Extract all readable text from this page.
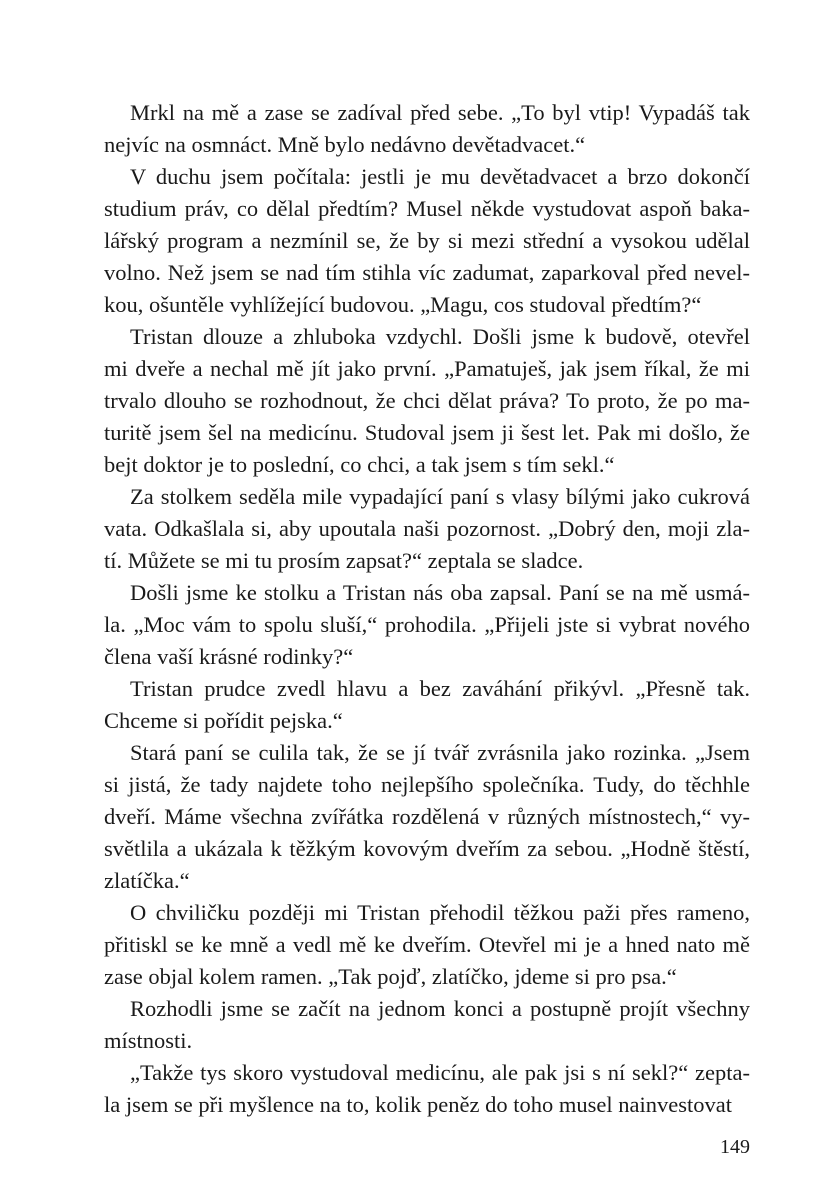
Mrkl na mě a zase se zadíval před sebe. „To byl vtip! Vypadáš tak
nejvíc na osmnáct. Mně bylo nedávno devětadvacet.“
V duchu jsem počítala: jestli je mu devětadvacet a brzo dokončí
studium práv, co dělal předtím? Musel někde vystudovat aspoň baka-
lářský program a nezmínil se, že by si mezi střední a vysokou udělal
volno. Než jsem se nad tím stihla víc zadumat, zaparkoval před nevel-
kou, ošuntěle vyhlížející budovou. „Magu, cos studoval předtím?“
Tristan dlouze a zhluboka vzdychl. Došli jsme k budově, otevřel
mi dveře a nechal mě jít jako první. „Pamatuješ, jak jsem říkal, že mi
trvalo dlouho se rozhodnout, že chci dělat práva? To proto, že po ma-
turitě jsem šel na medicínu. Studoval jsem ji šest let. Pak mi došlo, že
bejt doktor je to poslední, co chci, a tak jsem s tím sekl.“
Za stolkem seděla mile vypadající paní s vlasy bílými jako cukrová
vata. Odkašlala si, aby upoutala naši pozornost. „Dobrý den, moji zla-
tí. Můžete se mi tu prosím zapsat?“ zeptala se sladce.
Došli jsme ke stolku a Tristan nás oba zapsal. Paní se na mě usmá-
la. „Moc vám to spolu sluší,“ prohodila. „Přijeli jste si vybrat nového
člena vaší krásné rodinky?“
Tristan prudce zvedl hlavu a bez zaváhání přikývl. „Přesně tak.
Chceme si pořídit pejska.“
Stará paní se culila tak, že se jí tvář zvrásnila jako rozinka. „Jsem
si jistá, že tady najdete toho nejlepšího společníka. Tudy, do těchhle
dveří. Máme všechna zvířátka rozdělená v různých místnostech,“ vy-
světlila a ukázala k těžkým kovovým dveřím za sebou. „Hodně štěstí,
zlatíčka.“
O chviličku později mi Tristan přehodil těžkou paži přes rameno,
přitiskl se ke mně a vedl mě ke dveřím. Otevřel mi je a hned nato mě
zase objal kolem ramen. „Tak pojď, zlatíčko, jdeme si pro psa.“
Rozhodli jsme se začít na jednom konci a postupně projít všechny
místnosti.
„Takže tys skoro vystudoval medicínu, ale pak jsi s ní sekl?“ zepta-
la jsem se při myšlence na to, kolik peněz do toho musel nainvestovat
149
